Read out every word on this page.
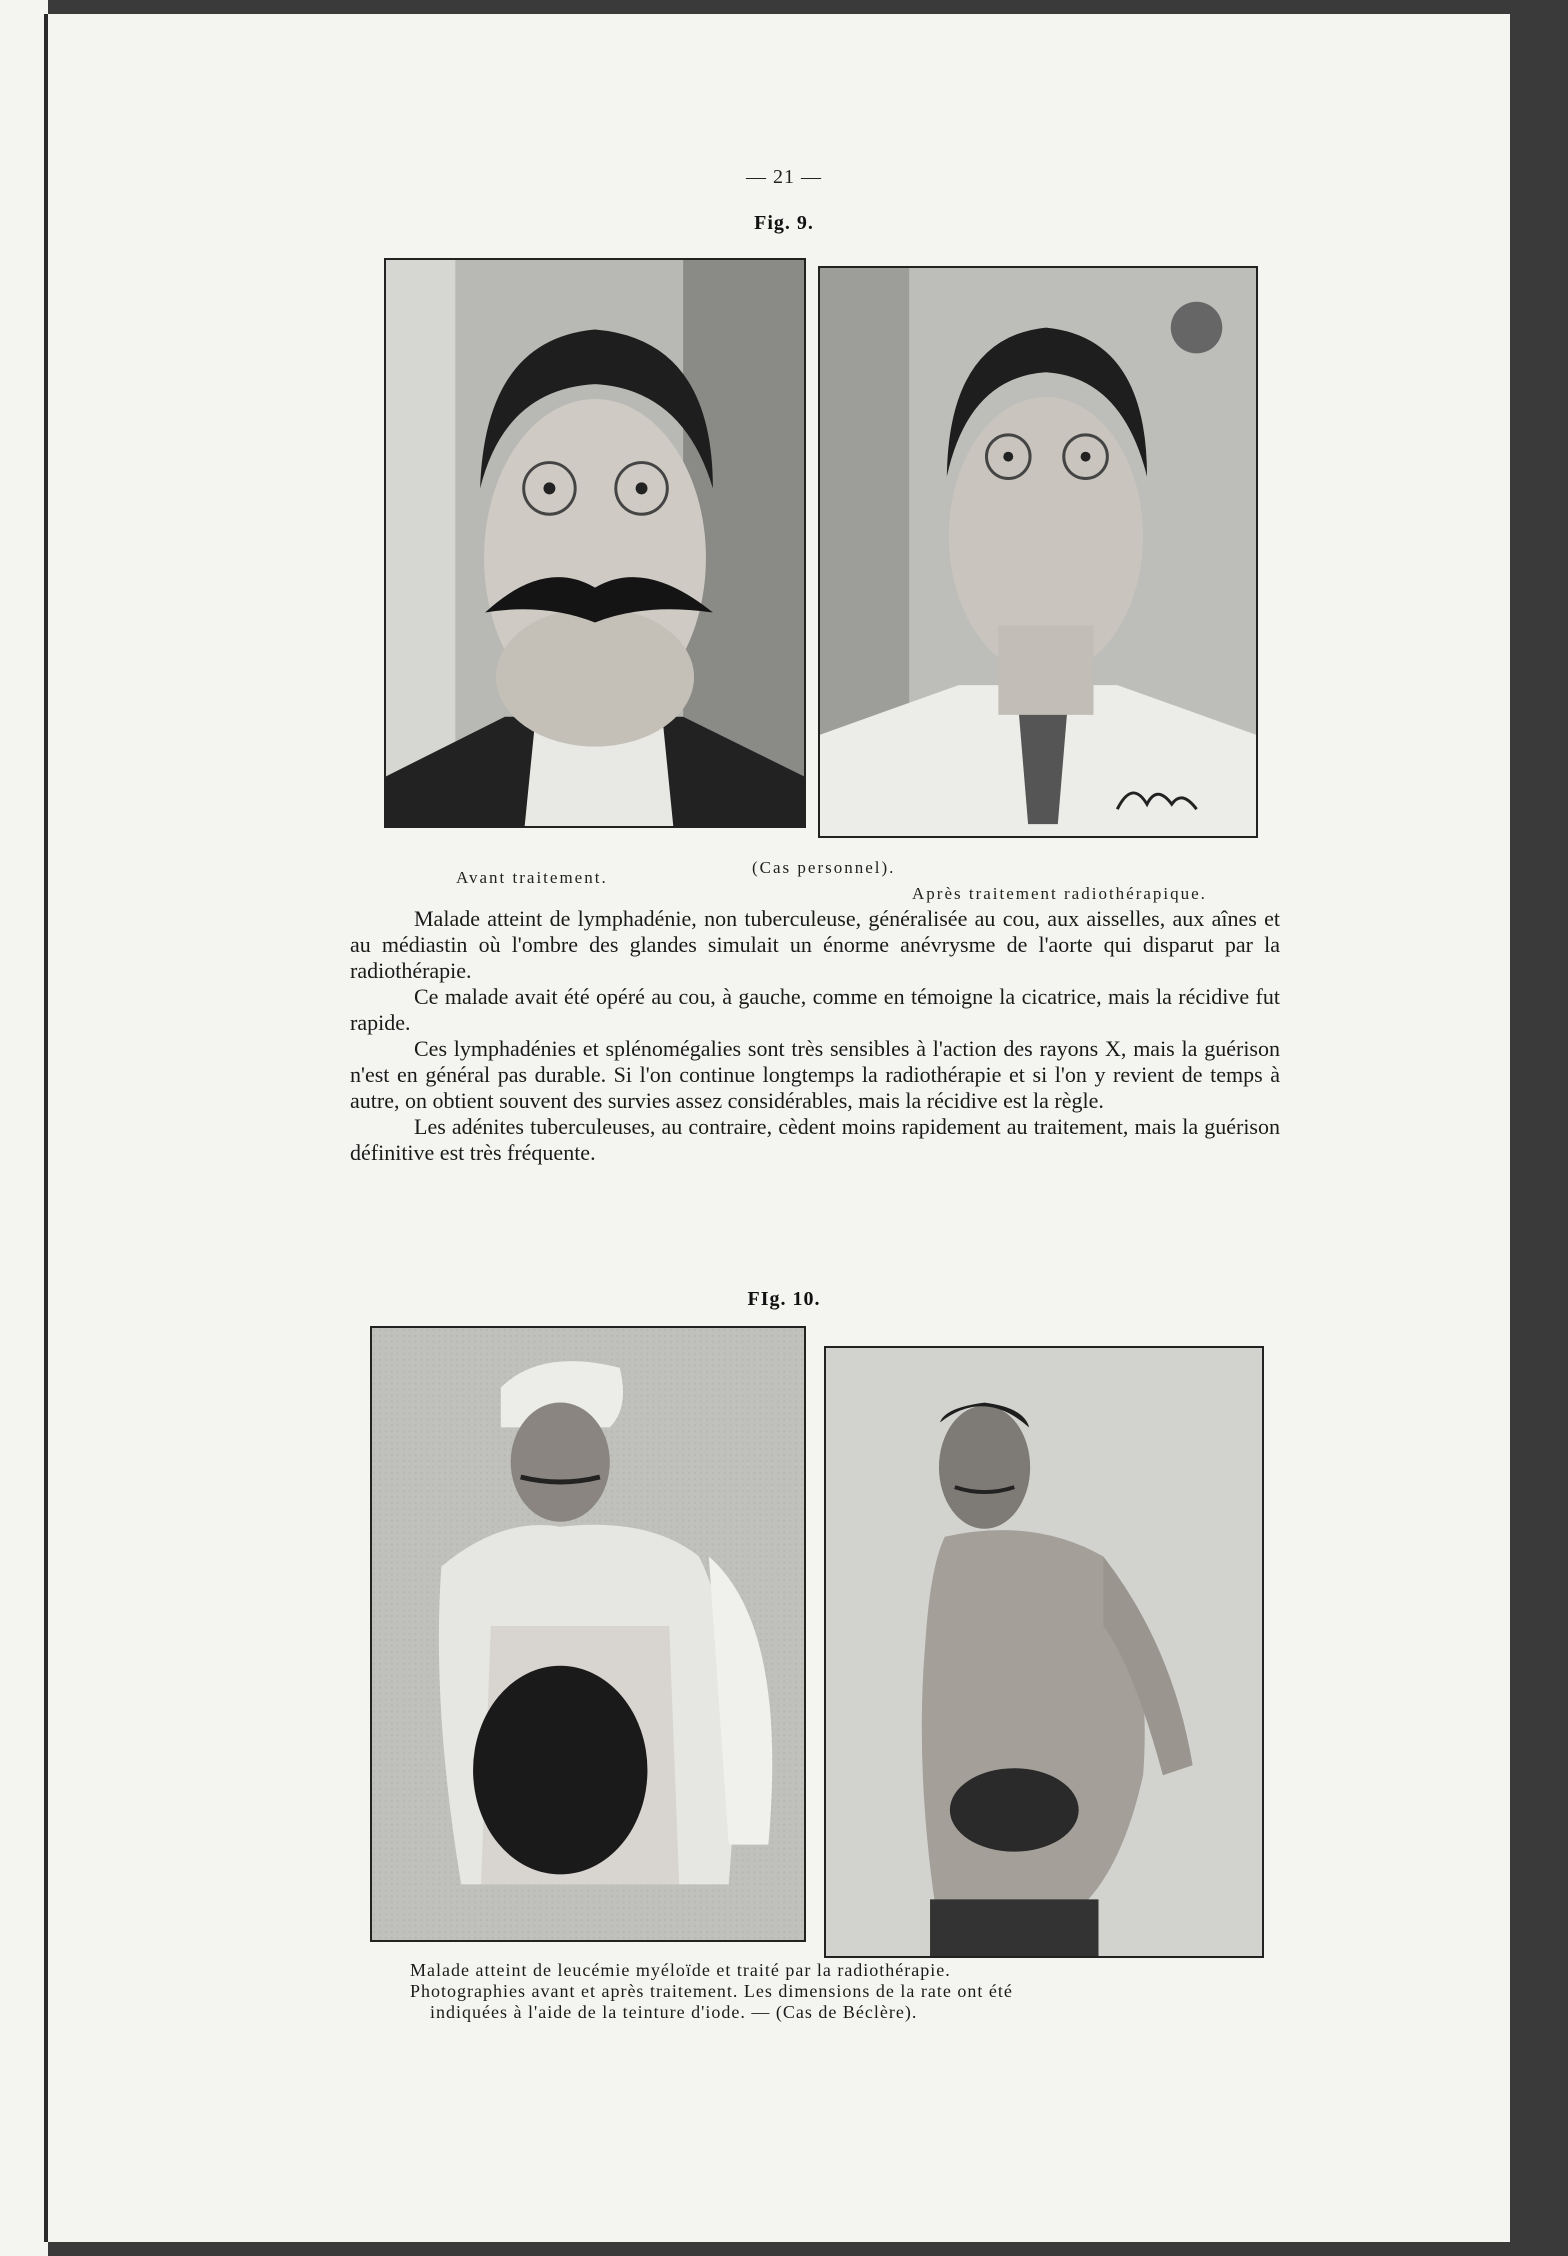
— 21 —
Fig. 9.
Avant traitement.
(Cas personnel).
Après traitement radiothérapique.

Malade atteint de lymphadénie, non tuberculeuse, généralisée au cou, aux aisselles, aux aînes et au médiastin où l'ombre des glandes simulait un énorme anévrysme de l'aorte qui disparut par la radiothérapie.

Ce malade avait été opéré au cou, à gauche, comme en témoigne la cicatrice, mais la récidive fut rapide.

Ces lymphadénies et splénomégalies sont très sensibles à l'action des rayons X, mais la guérison n'est en général pas durable. Si l'on continue longtemps la radiothérapie et si l'on y revient de temps à autre, on obtient souvent des survies assez considérables, mais la récidive est la règle.

Les adénites tuberculeuses, au contraire, cèdent moins rapidement au traitement, mais la guérison définitive est très fréquente.

FIg. 10.

Malade atteint de leucémie myéloïde et traité par la radiothérapie.

Photographies avant et après traitement. Les dimensions de la rate ont été

indiquées à l'aide de la teinture d'iode. — (Cas de Béclère).
